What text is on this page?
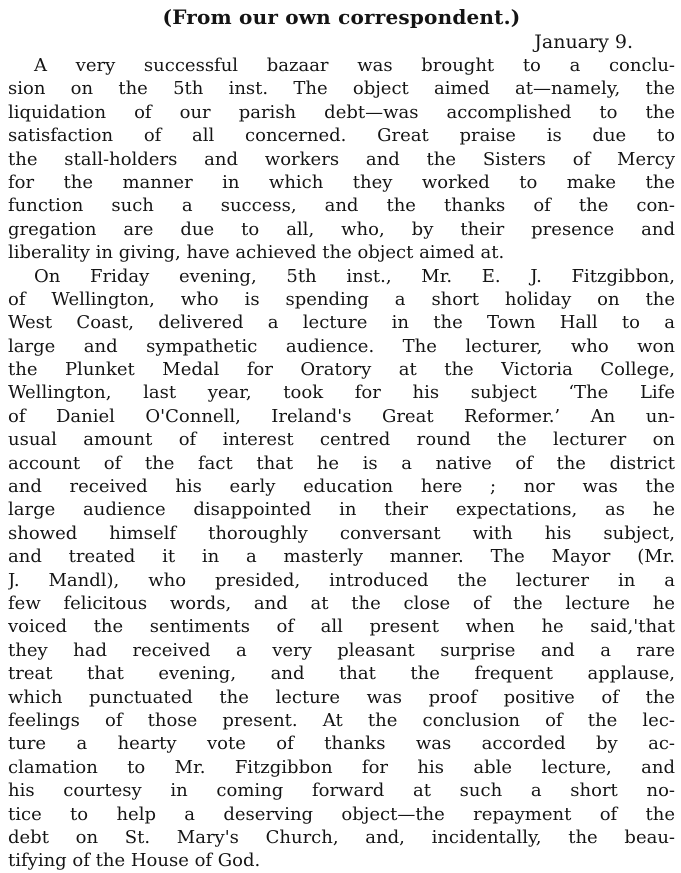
(From our own correspondent.)

January 9.

A very successful bazaar was brought to a conclu-
sion on the 5th inst. The object aimed at—namely, the
liquidation of our parish debt—was accomplished to the
satisfaction of all concerned. Great praise is due to
the stall-holders and workers and the Sisters of Mercy
for the manner in which they worked to make the
function such a success, and the thanks of the con-
gregation are due to all, who, by their presence and
liberality in giving, have achieved the object aimed at.
On Friday evening, 5th inst., Mr. E. J. Fitzgibbon,
of Wellington, who is spending a short holiday on the
West Coast, delivered a lecture in the Town Hall to a
large and sympathetic audience. The lecturer, who won
the Plunket Medal for Oratory at the Victoria College,
Wellington, last year, took for his subject ‘The Life
of Daniel O'Connell, Ireland's Great Reformer.’ An un-
usual amount of interest centred round the lecturer on
account of the fact that he is a native of the district
and received his early education here ; nor was the
large audience disappointed in their expectations, as he
showed himself thoroughly conversant with his subject,
and treated it in a masterly manner. The Mayor (Mr.
J. Mandl), who presided, introduced the lecturer in a
few felicitous words, and at the close of the lecture he
voiced the sentiments of all present when he said,'that
they had received a very pleasant surprise and a rare
treat that evening, and that the frequent applause,
which punctuated the lecture was proof positive of the
feelings of those present. At the conclusion of the lec-
ture a hearty vote of thanks was accorded by ac-
clamation to Mr. Fitzgibbon for his able lecture, and
his courtesy in coming forward at such a short no-
tice to help a deserving object—the repayment of the
debt on St. Mary's Church, and, incidentally, the beau-
tifying of the House of God.
